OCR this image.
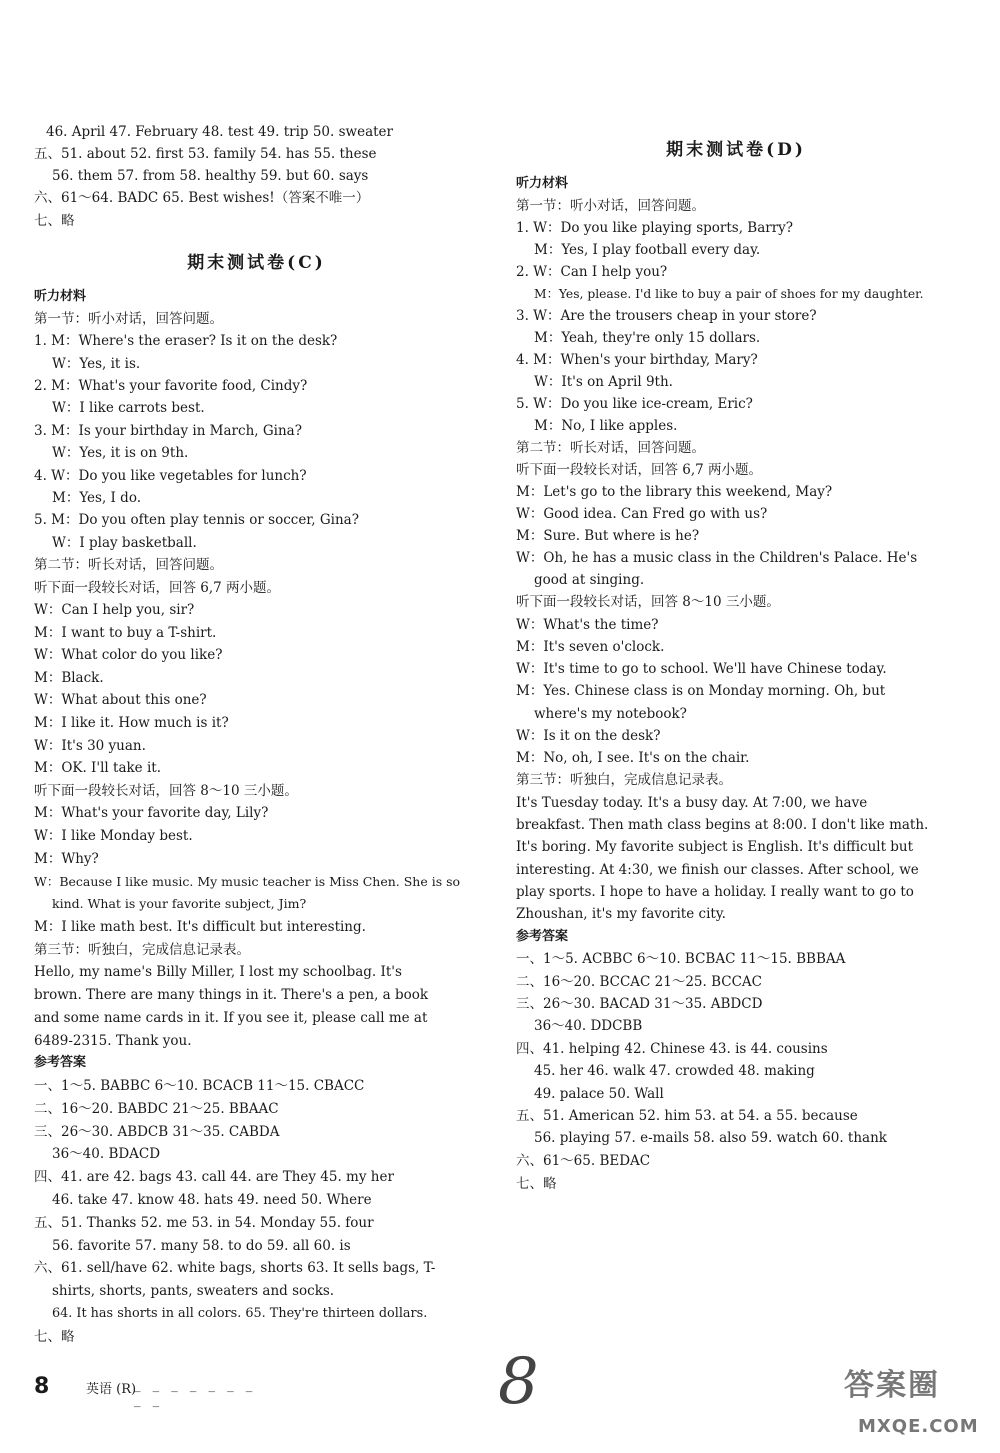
46. April 47. February 48. test 49. trip 50. sweater
五、51. about 52. first 53. family 54. has 55. these
56. them 57. from 58. healthy 59. but 60. says
六、61～64. BADC 65. Best wishes!（答案不唯一）
七、略
期末测试卷(C)
听力材料
第一节：听小对话，回答问题。
1. M：Where's the eraser? Is it on the desk?
W：Yes, it is.
2. M：What's your favorite food, Cindy?
W：I like carrots best.
3. M：Is your birthday in March, Gina?
W：Yes, it is on 9th.
4. W：Do you like vegetables for lunch?
M：Yes, I do.
5. M：Do you often play tennis or soccer, Gina?
W：I play basketball.
第二节：听长对话，回答问题。
听下面一段较长对话，回答 6,7 两小题。
W：Can I help you, sir?
M：I want to buy a T-shirt.
W：What color do you like?
M：Black.
W：What about this one?
M：I like it. How much is it?
W：It's 30 yuan.
M：OK. I'll take it.
听下面一段较长对话，回答 8～10 三小题。
M：What's your favorite day, Lily?
W：I like Monday best.
M：Why?
W：Because I like music. My music teacher is Miss Chen. She is so
kind. What is your favorite subject, Jim?
M：I like math best. It's difficult but interesting.
第三节：听独白，完成信息记录表。
Hello, my name's Billy Miller, I lost my schoolbag. It's
brown. There are many things in it. There's a pen, a book
and some name cards in it. If you see it, please call me at
6489-2315. Thank you.
参考答案
一、1～5. BABBC 6～10. BCACB 11～15. CBACC
二、16～20. BABDC 21～25. BBAAC
三、26～30. ABDCB 31～35. CABDA
36～40. BDACD
四、41. are 42. bags 43. call 44. are They 45. my her
46. take 47. know 48. hats 49. need 50. Where
五、51. Thanks 52. me 53. in 54. Monday 55. four
56. favorite 57. many 58. to do 59. all 60. is
六、61. sell/have 62. white bags, shorts 63. It sells bags, T-
shirts, shorts, pants, sweaters and socks.
64. It has shorts in all colors. 65. They're thirteen dollars.
七、略
8	英语 (R)
_ _ _ _ _ _ _ _ _
期末测试卷(D)
听力材料
第一节：听小对话，回答问题。
1. W：Do you like playing sports, Barry?
M：Yes, I play football every day.
2. W：Can I help you?
M：Yes, please. I'd like to buy a pair of shoes for my daughter.
3. W：Are the trousers cheap in your store?
M：Yeah, they're only 15 dollars.
4. M：When's your birthday, Mary?
W：It's on April 9th.
5. W：Do you like ice-cream, Eric?
M：No, I like apples.
第二节：听长对话，回答问题。
听下面一段较长对话，回答 6,7 两小题。
M：Let's go to the library this weekend, May?
W：Good idea. Can Fred go with us?
M：Sure. But where is he?
W：Oh, he has a music class in the Children's Palace. He's
good at singing.
听下面一段较长对话，回答 8～10 三小题。
W：What's the time?
M：It's seven o'clock.
W：It's time to go to school. We'll have Chinese today.
M：Yes. Chinese class is on Monday morning. Oh, but
where's my notebook?
W：Is it on the desk?
M：No, oh, I see. It's on the chair.
第三节：听独白，完成信息记录表。
It's Tuesday today. It's a busy day. At 7:00, we have
breakfast. Then math class begins at 8:00. I don't like math.
It's boring. My favorite subject is English. It's difficult but
interesting. At 4:30, we finish our classes. After school, we
play sports. I hope to have a holiday. I really want to go to
Zhoushan, it's my favorite city.
参考答案
一、1～5. ACBBC 6～10. BCBAC 11～15. BBBAA
二、16～20. BCCAC 21～25. BCCAC
三、26～30. BACAD 31～35. ABDCD
36～40. DDCBB
四、41. helping 42. Chinese 43. is 44. cousins
45. her 46. walk 47. crowded 48. making
49. palace 50. Wall
五、51. American 52. him 53. at 54. a 55. because
56. playing 57. e-mails 58. also 59. watch 60. thank
六、61～65. BEDAC
七、略
8	答案圈
MXQE.COM
